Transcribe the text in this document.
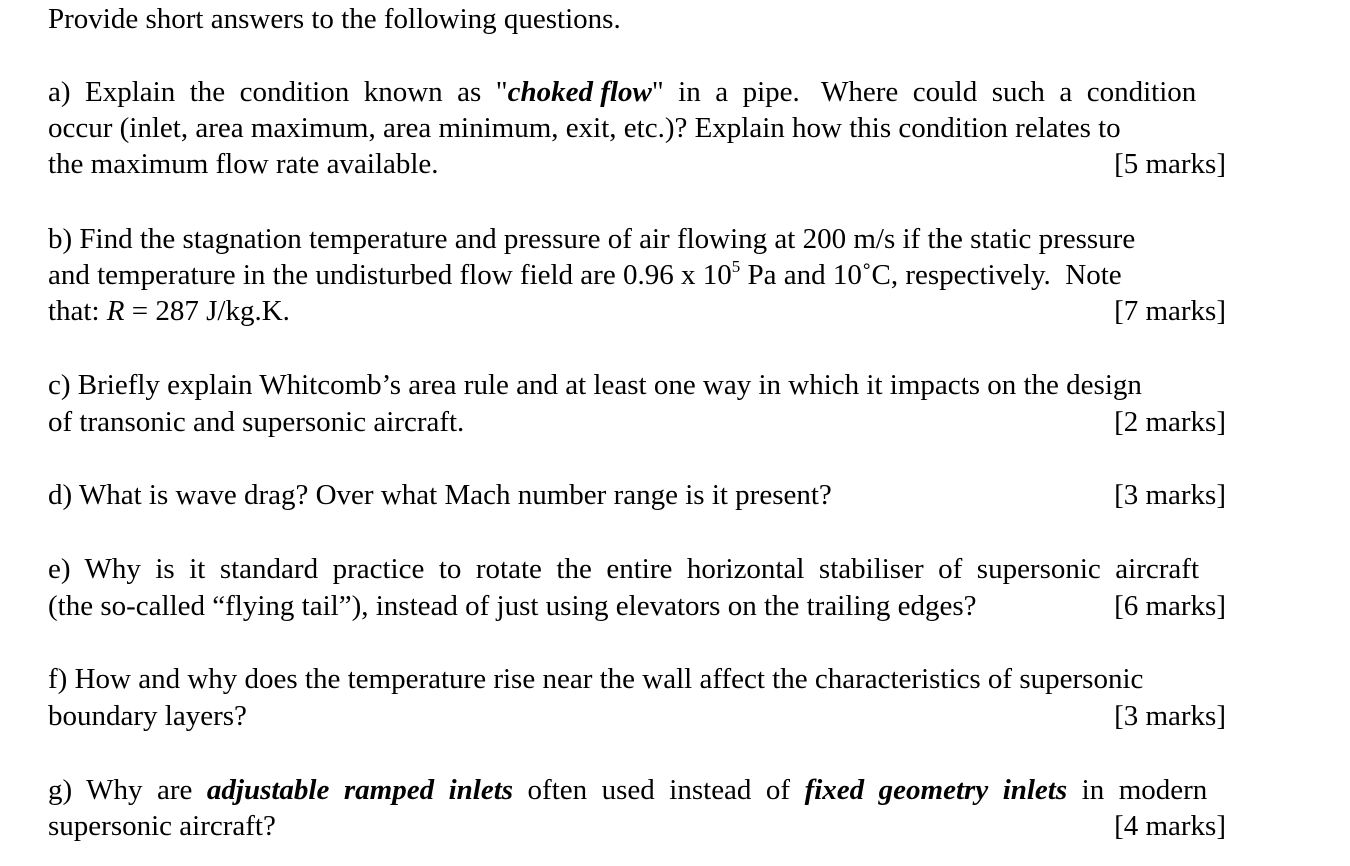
Provide short answers to the following questions.
a)  Explain  the  condition  known  as  "choked flow"  in  a  pipe.   Where  could  such  a  condition
occur (inlet, area maximum, area minimum, exit, etc.)? Explain how this condition relates to
the maximum flow rate available.	[5 marks]
b) Find the stagnation temperature and pressure of air flowing at 200 m/s if the static pressure
and temperature in the undisturbed flow field are 0.96 x $10^5$ Pa and 10˚C, respectively.  Note
that: R = 287 J/kg.K.	[7 marks]
c) Briefly explain Whitcomb’s area rule and at least one way in which it impacts on the design
of transonic and supersonic aircraft.	[2 marks]
d) What is wave drag? Over what Mach number range is it present?	[3 marks]
e)  Why  is  it  standard  practice  to  rotate  the  entire  horizontal  stabiliser  of  supersonic  aircraft
(the so-called “flying tail”), instead of just using elevators on the trailing edges?	[6 marks]
f) How and why does the temperature rise near the wall affect the characteristics of supersonic
boundary layers?	[3 marks]
g)  Why  are  adjustable  ramped  inlets  often  used  instead  of  fixed  geometry  inlets  in  modern
supersonic aircraft?	[4 marks]
